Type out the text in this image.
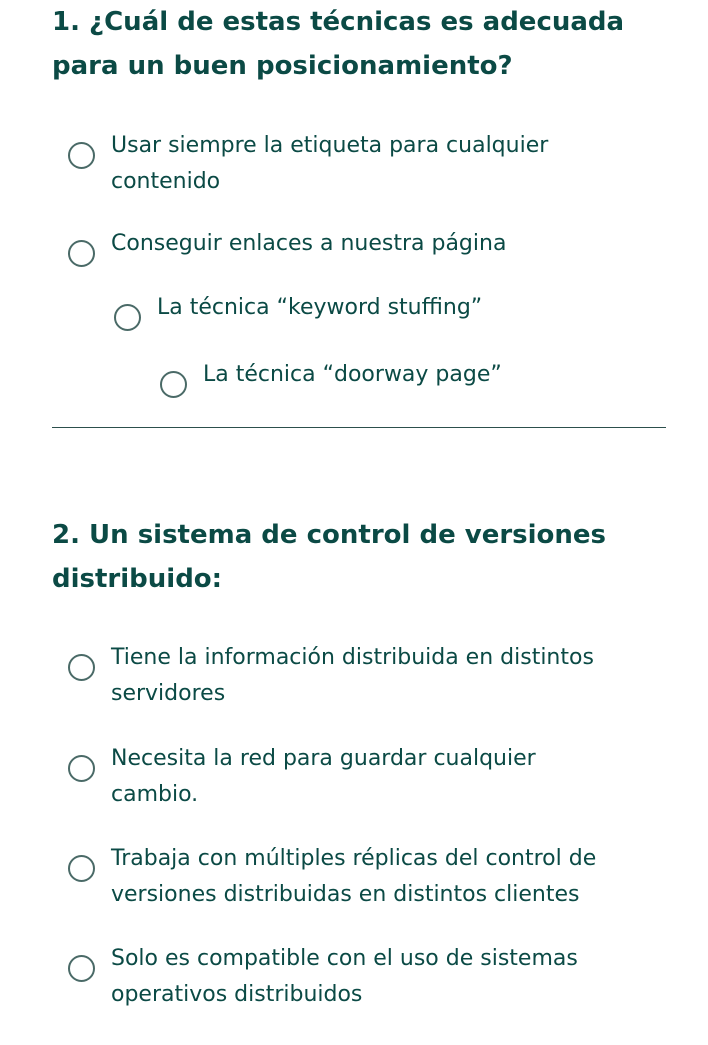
1. ¿Cuál de estas técnicas es adecuada para un buen posicionamiento?
Usar siempre la etiqueta para cualquier contenido
Conseguir enlaces a nuestra página
La técnica “keyword stuffing”
La técnica “doorway page”
2. Un sistema de control de versiones distribuido:
Tiene la información distribuida en distintos servidores
Necesita la red para guardar cualquier cambio.
Trabaja con múltiples réplicas del control de versiones distribuidas en distintos clientes
Solo es compatible con el uso de sistemas operativos distribuidos
